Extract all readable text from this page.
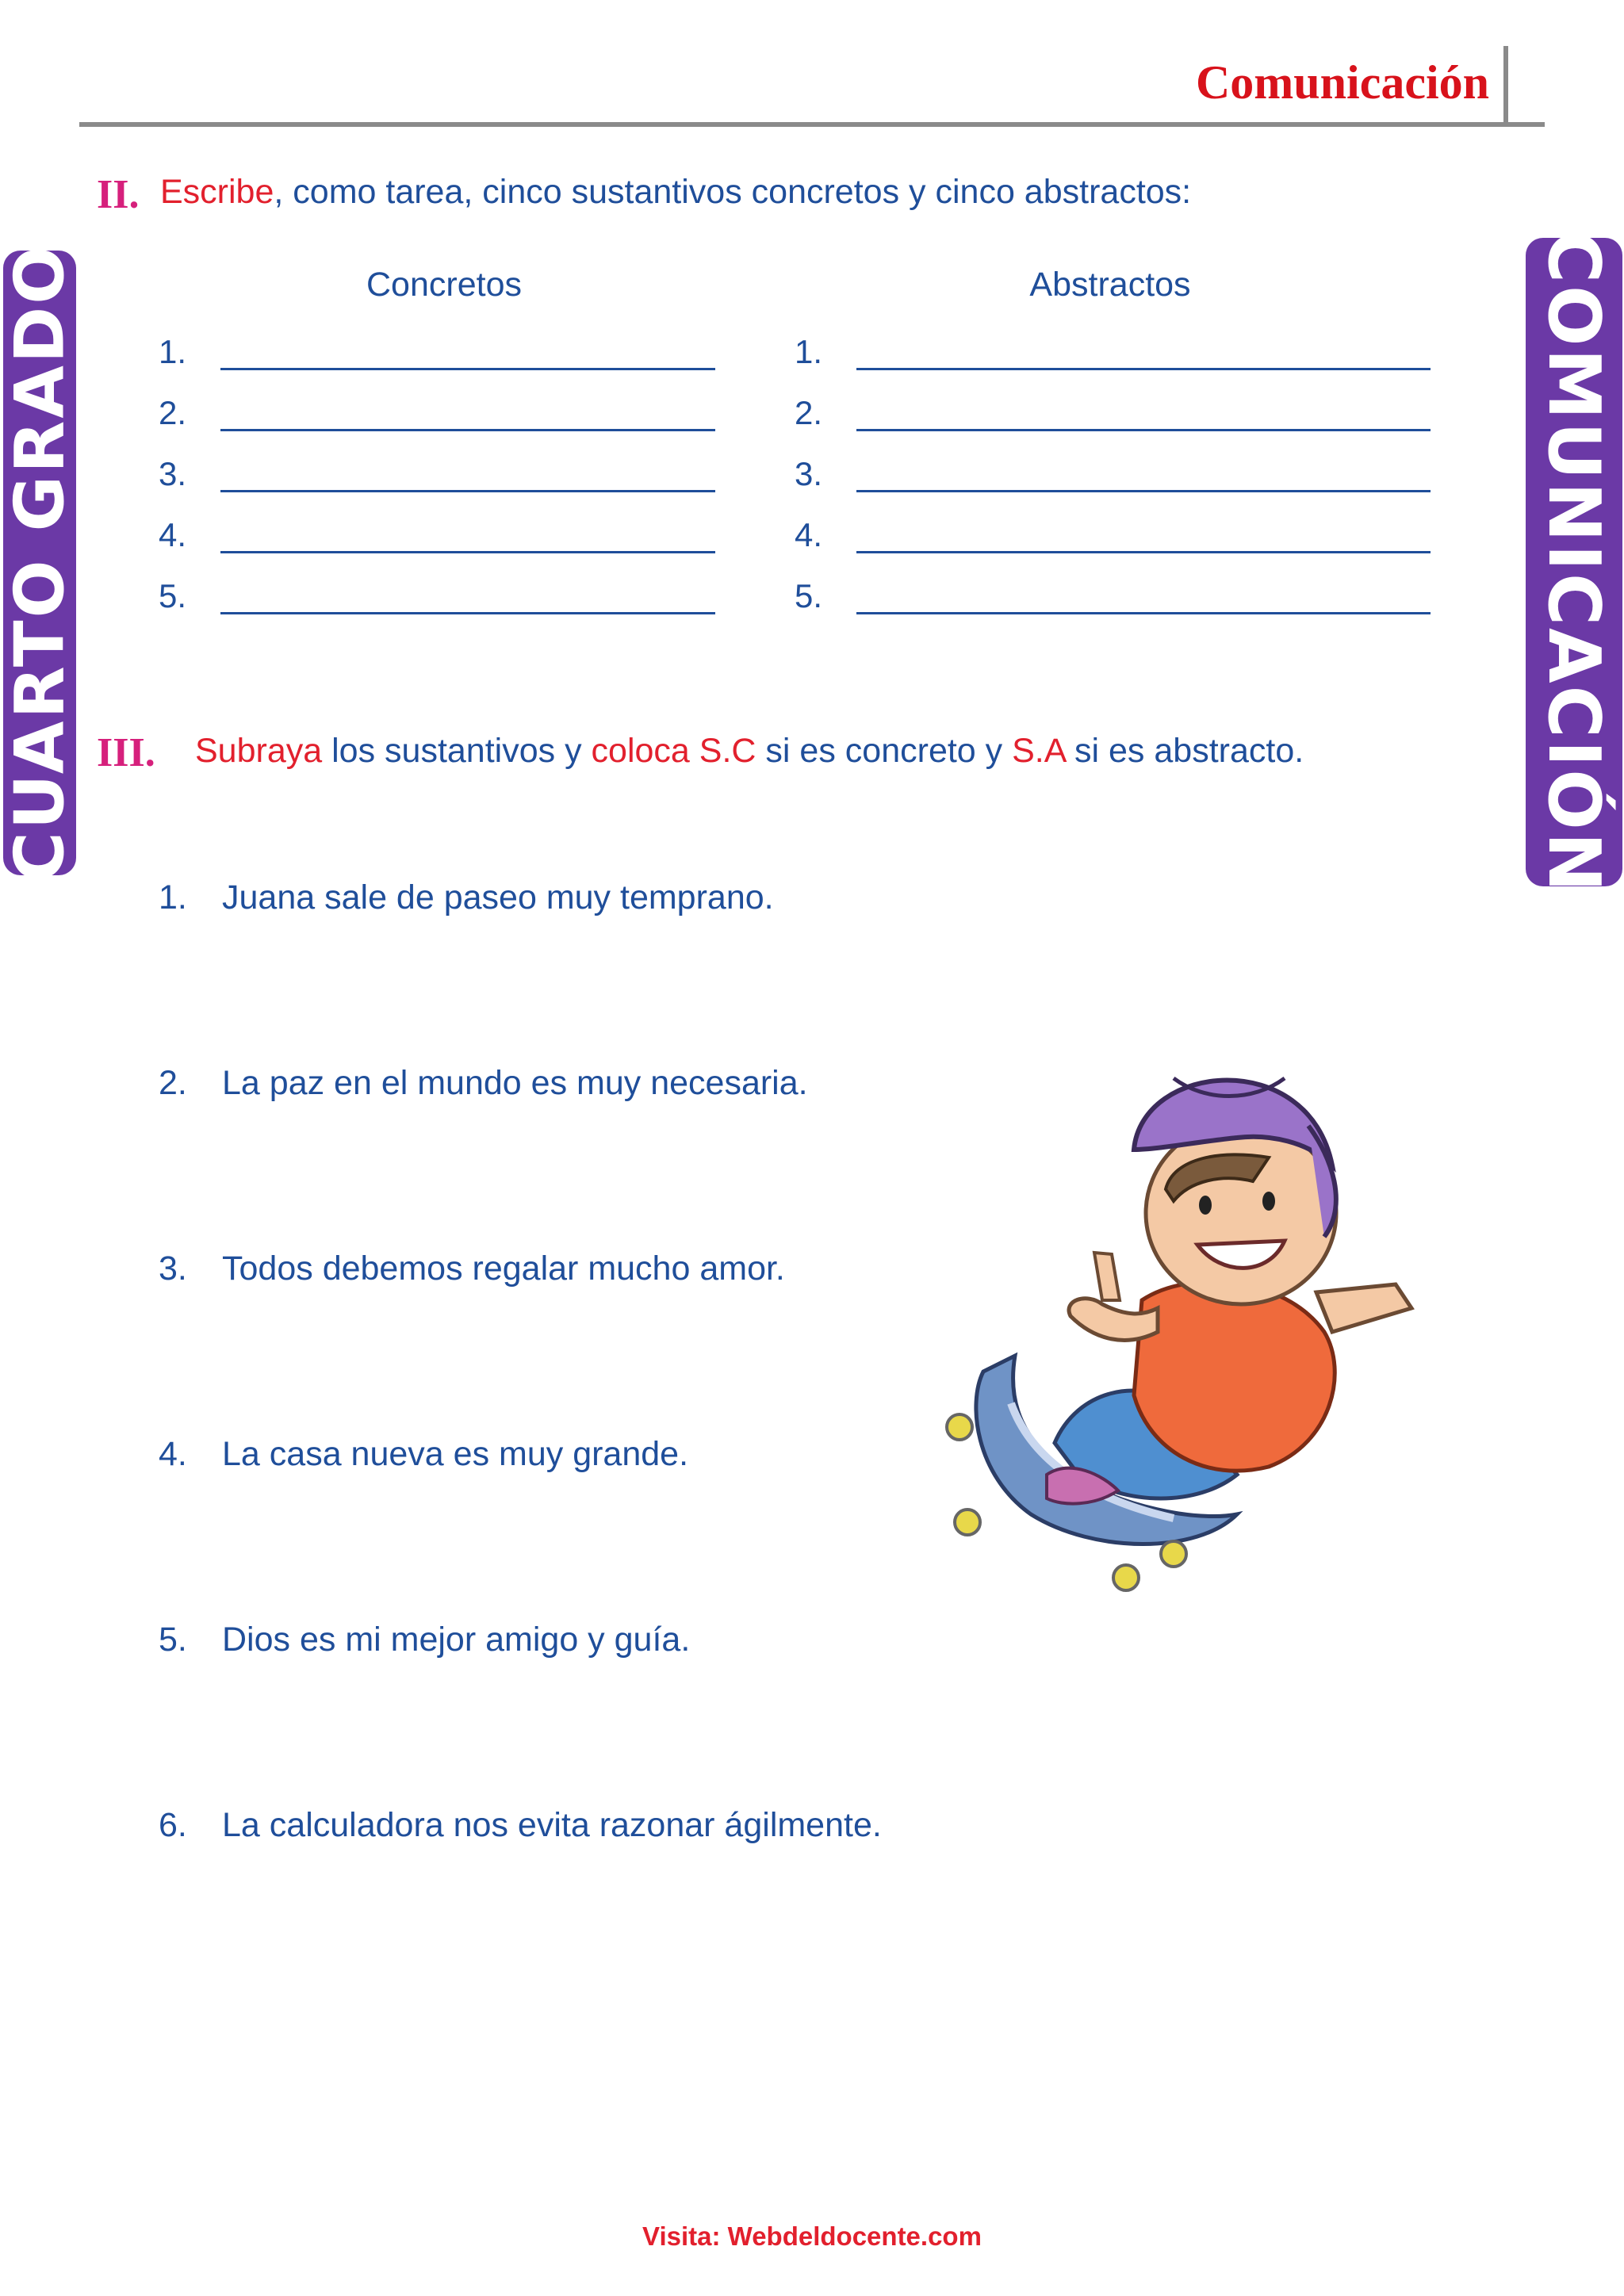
Comunicación
CUARTO GRADO	COMUNICACIÓN
II. Escribe, como tarea, cinco sustantivos concretos y cinco abstractos:
Concretos	Abstractos
1.
2.
3.
4.
5.
1.
2.
3.
4.
5.
III. Subraya los sustantivos y coloca S.C si es concreto y S.A si es abstracto.
1. Juana sale de paseo muy temprano.
2. La paz en el mundo es muy necesaria.
3. Todos debemos regalar mucho amor.
4. La casa nueva es muy grande.
5. Dios es mi mejor amigo y guía.
6. La calculadora nos evita razonar ágilmente.
Visita: Webdeldocente.com
